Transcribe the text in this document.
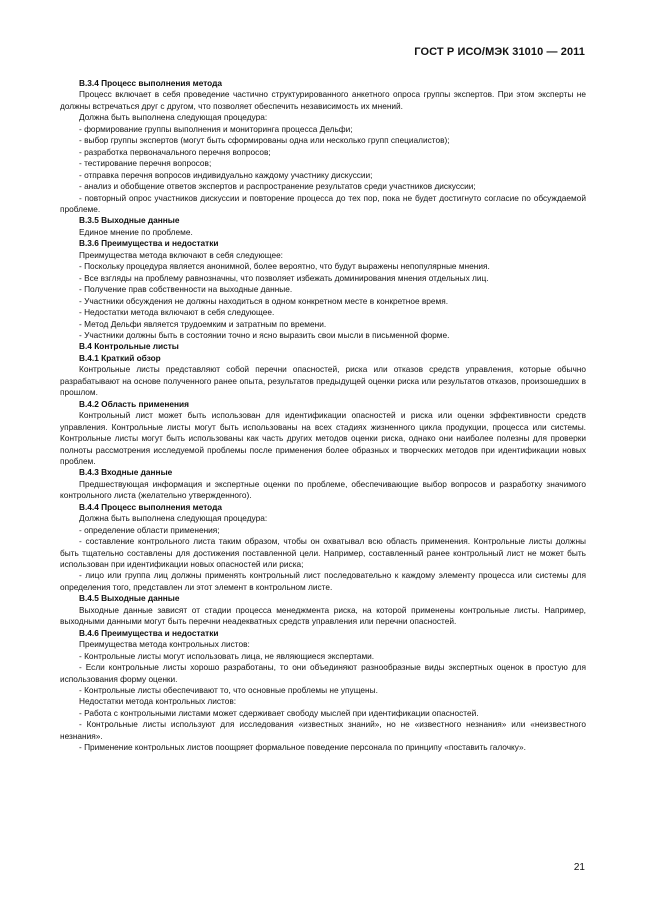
ГОСТ Р ИСО/МЭК 31010 — 2011

B.3.4 Процесс выполнения метода

Процесс включает в себя проведение частично структурированного анкетного опроса группы экспертов. При этом эксперты не должны встречаться друг с другом, что позволяет обеспечить независимость их мнений.

Должна быть выполнена следующая процедура:

- формирование группы выполнения и мониторинга процесса Дельфи;

- выбор группы экспертов (могут быть сформированы одна или несколько групп специалистов);

- разработка первоначального перечня вопросов;

- тестирование перечня вопросов;

- отправка перечня вопросов индивидуально каждому участнику дискуссии;

- анализ и обобщение ответов экспертов и распространение результатов среди участников дискуссии;

- повторный опрос участников дискуссии и повторение процесса до тех пор, пока не будет достигнуто согласие по обсуждаемой проблеме.

B.3.5 Выходные данные

Единое мнение по проблеме.

B.3.6 Преимущества и недостатки

Преимущества метода включают в себя следующее:

- Поскольку процедура является анонимной, более вероятно, что будут выражены непопулярные мнения.

- Все взгляды на проблему равнозначны, что позволяет избежать доминирования мнения отдельных лиц.

- Получение прав собственности на выходные данные.

- Участники обсуждения не должны находиться в одном конкретном месте в конкретное время.

- Недостатки метода включают в себя следующее.

- Метод Дельфи является трудоемким и затратным по времени.

- Участники должны быть в состоянии точно и ясно выразить свои мысли в письменной форме.

B.4 Контрольные листы

B.4.1 Краткий обзор

Контрольные листы представляют собой перечни опасностей, риска или отказов средств управления, которые обычно разрабатывают на основе полученного ранее опыта, результатов предыдущей оценки риска или результатов отказов, произошедших в прошлом.

B.4.2 Область применения

Контрольный лист может быть использован для идентификации опасностей и риска или оценки эффективности средств управления. Контрольные листы могут быть использованы на всех стадиях жизненного цикла продукции, процесса или системы. Контрольные листы могут быть использованы как часть других методов оценки риска, однако они наиболее полезны для проверки полноты рассмотрения исследуемой проблемы после применения более образных и творческих методов при идентификации новых проблем.

B.4.3 Входные данные

Предшествующая информация и экспертные оценки по проблеме, обеспечивающие выбор вопросов и разработку значимого контрольного листа (желательно утвержденного).

B.4.4 Процесс выполнения метода

Должна быть выполнена следующая процедура:

- определение области применения;

- составление контрольного листа таким образом, чтобы он охватывал всю область применения. Контрольные листы должны быть тщательно составлены для достижения поставленной цели. Например, составленный ранее контрольный лист не может быть использован при идентификации новых опасностей или риска;

- лицо или группа лиц должны применять контрольный лист последовательно к каждому элементу процесса или системы для определения того, представлен ли этот элемент в контрольном листе.

B.4.5 Выходные данные

Выходные данные зависят от стадии процесса менеджмента риска, на которой применены контрольные листы. Например, выходными данными могут быть перечни неадекватных средств управления или перечни опасностей.

B.4.6 Преимущества и недостатки

Преимущества метода контрольных листов:

- Контрольные листы могут использовать лица, не являющиеся экспертами.

- Если контрольные листы хорошо разработаны, то они объединяют разнообразные виды экспертных оценок в простую для использования форму оценки.

- Контрольные листы обеспечивают то, что основные проблемы не упущены.

Недостатки метода контрольных листов:

- Работа с контрольными листами может сдерживает свободу мыслей при идентификации опасностей.

- Контрольные листы используют для исследования «известных знаний», но не «известного незнания» или «неизвестного незнания».

- Применение контрольных листов поощряет формальное поведение персонала по принципу «поставить галочку».

21
